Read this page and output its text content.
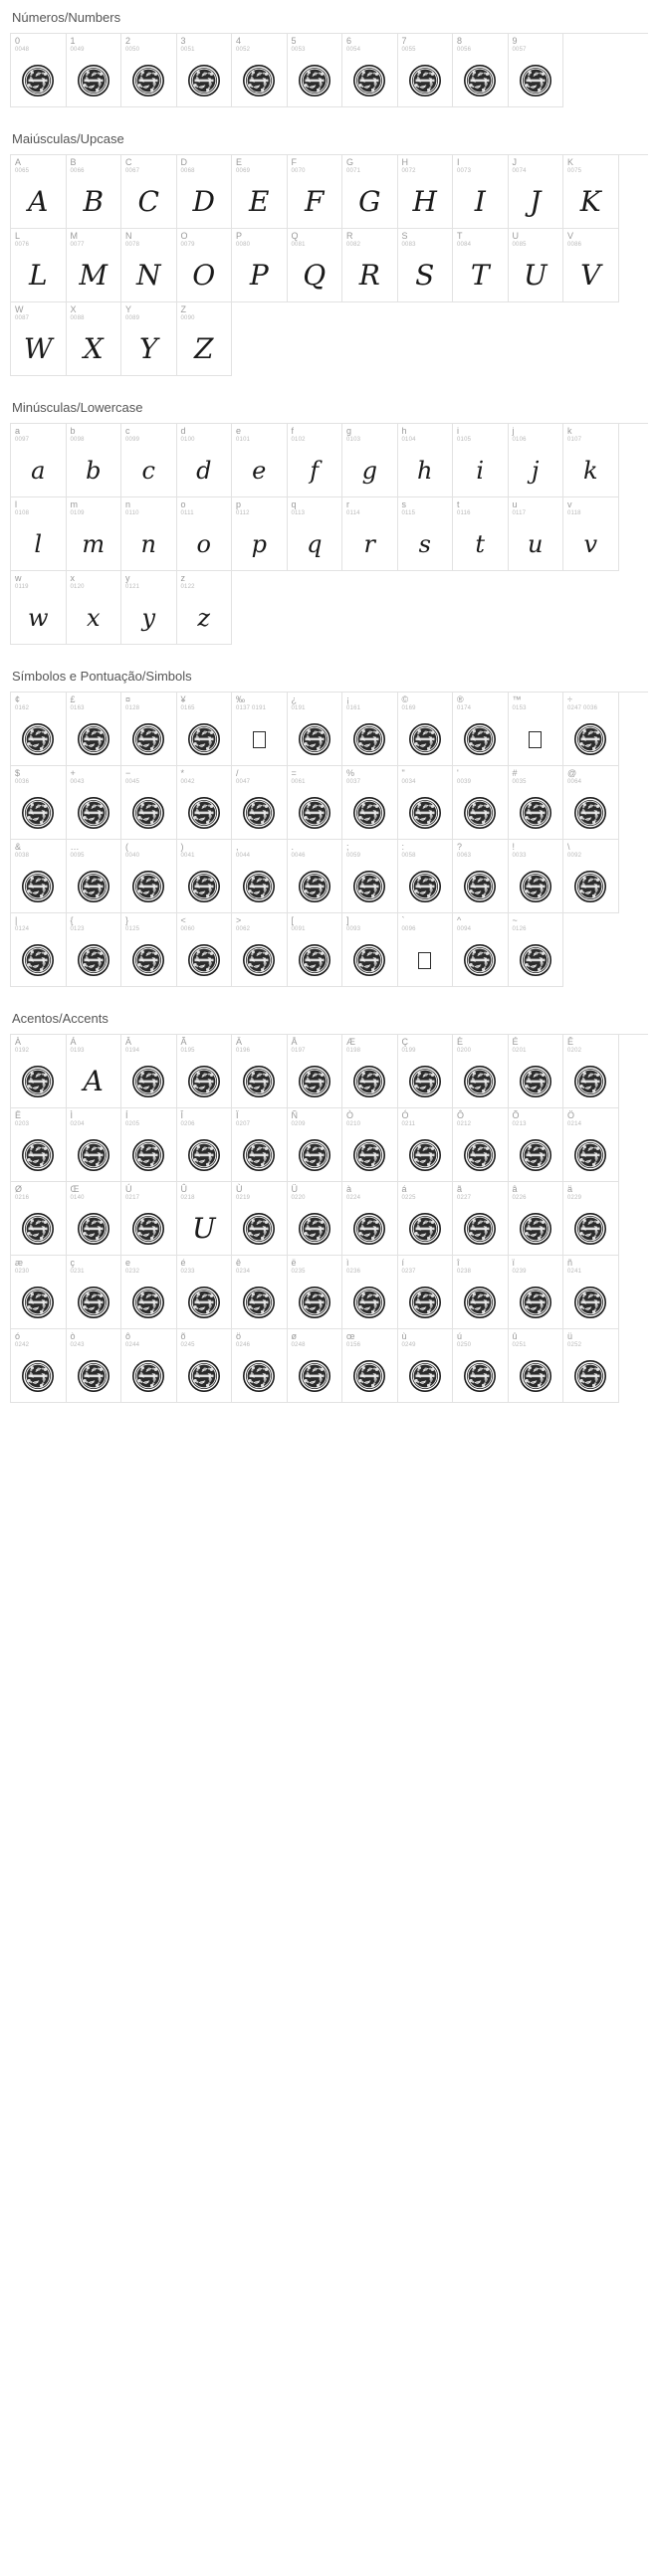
Números/Numbers
0
0048
1
0049
2
0050
3
0051
4
0052
5
0053
6
0054
7
0055
8
0056
9
0057
Maiúsculas/Upcase
A
0065
A
B
0066
B
C
0067
C
D
0068
D
E
0069
E
F
0070
F
G
0071
G
H
0072
H
I
0073
I
J
0074
J
K
0075
K
L
0076
L
M
0077
M
N
0078
N
O
0079
O
P
0080
P
Q
0081
Q
R
0082
R
S
0083
S
T
0084
T
U
0085
U
V
0086
V
W
0087
W
X
0088
X
Y
0089
Y
Z
0090
Z
Minúsculas/Lowercase
a
0097
a
b
0098
b
c
0099
c
d
0100
d
e
0101
e
f
0102
f
g
0103
g
h
0104
h
i
0105
i
j
0106
j
k
0107
k
l
0108
l
m
0109
m
n
0110
n
o
0111
o
p
0112
p
q
0113
q
r
0114
r
s
0115
s
t
0116
t
u
0117
u
v
0118
v
w
0119
w
x
0120
x
y
0121
y
z
0122
z
Símbolos e Pontuação/Simbols
¢
0162
£
0163
¤
0128
¥
0165
‰
0137 0191
¿
0191
¡
0161
©
0169
®
0174
™
0153
÷
0247 0036
$
0036
+
0043
−
0045
*
0042
/
0047
=
0061
%
0037
"
0034
'
0039
#
0035
@
0064
&
0038
…
0095
(
0040
)
0041
,
0044
.
0046
;
0059
:
0058
?
0063
!
0033
\
0092
|
0124
{
0123
}
0125
<
0060
>
0062
[
0091
]
0093
`
0096
^
0094
~
0126
Acentos/Accents
À
0192
Á
0193
A
Â
0194
Ã
0195
Ä
0196
Å
0197
Æ
0198
Ç
0199
È
0200
É
0201
Ê
0202
Ë
0203
Ì
0204
Í
0205
Î
0206
Ï
0207
Ñ
0209
Ò
0210
Ó
0211
Ô
0212
Õ
0213
Ö
0214
Ø
0216
Œ
0140
Ú
0217
Û
0218
U
Ù
0219
Ü
0220
à
0224
á
0225
ã
0227
â
0226
ä
0229
æ
0230
ç
0231
e
0232
é
0233
ê
0234
ë
0235
ì
0236
í
0237
î
0238
ï
0239
ñ
0241
ó
0242
ò
0243
ô
0244
õ
0245
ö
0246
ø
0248
œ
0156
ù
0249
ú
0250
û
0251
ü
0252
